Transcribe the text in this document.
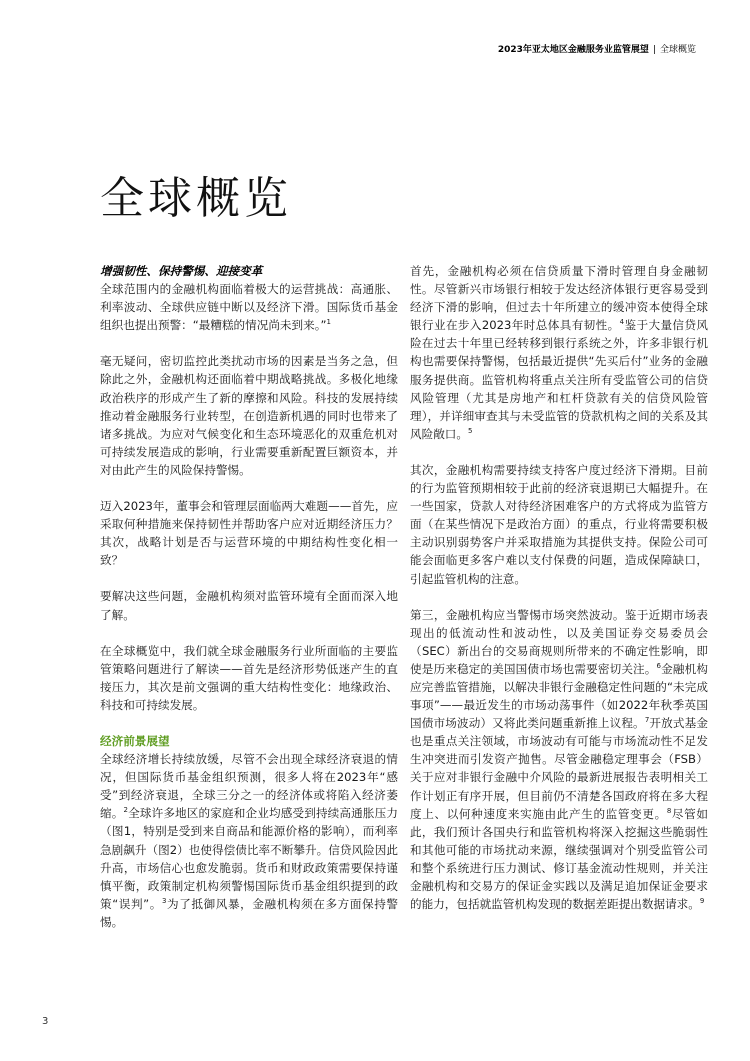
2023年亚太地区金融服务业监管展望 | 全球概览
全球概览
增强韧性、保持警惕、迎接变革

全球范围内的金融机构面临着极大的运营挑战：高通胀、利率波动、全球供应链中断以及经济下滑。国际货币基金组织也提出预警：“最糟糕的情况尚未到来。”$^1$

毫无疑问，密切监控此类扰动市场的因素是当务之急，但除此之外，金融机构还面临着中期战略挑战。多极化地缘政治秩序的形成产生了新的摩擦和风险。科技的发展持续推动着金融服务行业转型，在创造新机遇的同时也带来了诸多挑战。为应对气候变化和生态环境恶化的双重危机对可持续发展造成的影响，行业需要重新配置巨额资本，并对由此产生的风险保持警惕。

迈入2023年，董事会和管理层面临两大难题——首先，应采取何种措施来保持韧性并帮助客户应对近期经济压力？其次，战略计划是否与运营环境的中期结构性变化相一致？

要解决这些问题，金融机构须对监管环境有全面而深入地了解。

在全球概览中，我们就全球金融服务行业所面临的主要监管策略问题进行了解读——首先是经济形势低迷产生的直接压力，其次是前文强调的重大结构性变化：地缘政治、科技和可持续发展。

经济前景展望

全球经济增长持续放缓，尽管不会出现全球经济衰退的情况，但国际货币基金组织预测，很多人将在2023年“感受”到经济衰退，全球三分之一的经济体或将陷入经济萎缩。$^2$全球许多地区的家庭和企业均感受到持续高通胀压力（图1，特别是受到来自商品和能源价格的影响），而利率急剧飙升（图2）也使得偿债比率不断攀升。信贷风险因此升高，市场信心也愈发脆弱。货币和财政政策需要保持谨慎平衡，政策制定机构须警惕国际货币基金组织提到的政策“误判”。$^3$为了抵御风暴，金融机构须在多方面保持警惕。

首先，金融机构必须在信贷质量下滑时管理自身金融韧性。尽管新兴市场银行相较于发达经济体银行更容易受到经济下滑的影响，但过去十年所建立的缓冲资本使得全球银行业在步入2023年时总体具有韧性。$^4$鉴于大量信贷风险在过去十年里已经转移到银行系统之外，许多非银行机构也需要保持警惕，包括最近提供“先买后付”业务的金融服务提供商。监管机构将重点关注所有受监管公司的信贷风险管理（尤其是房地产和杠杆贷款有关的信贷风险管理），并详细审查其与未受监管的贷款机构之间的关系及其风险敞口。$^5$

其次，金融机构需要持续支持客户度过经济下滑期。目前的行为监管预期相较于此前的经济衰退期已大幅提升。在一些国家，贷款人对待经济困难客户的方式将成为监管方面（在某些情况下是政治方面）的重点，行业将需要积极主动识别弱势客户并采取措施为其提供支持。保险公司可能会面临更多客户难以支付保费的问题，造成保障缺口，引起监管机构的注意。

第三，金融机构应当警惕市场突然波动。鉴于近期市场表现出的低流动性和波动性，以及美国证券交易委员会（SEC）新出台的交易商规则所带来的不确定性影响，即使是历来稳定的美国国债市场也需要密切关注。$^6$金融机构应完善监管措施，以解决非银行金融稳定性问题的“未完成事项”——最近发生的市场动荡事件（如2022年秋季英国国债市场波动）又将此类问题重新推上议程。$^7$开放式基金也是重点关注领域，市场波动有可能与市场流动性不足发生冲突进而引发资产抛售。尽管金融稳定理事会（FSB）关于应对非银行金融中介风险的最新进展报告表明相关工作计划正有序开展，但目前仍不清楚各国政府将在多大程度上、以何种速度来实施由此产生的监管变更。$^8$尽管如此，我们预计各国央行和监管机构将深入挖掘这些脆弱性和其他可能的市场扰动来源，继续强调对个别受监管公司和整个系统进行压力测试、修订基金流动性规则，并关注金融机构和交易方的保证金实践以及满足追加保证金要求的能力，包括就监管机构发现的数据差距提出数据请求。$^9$

3
